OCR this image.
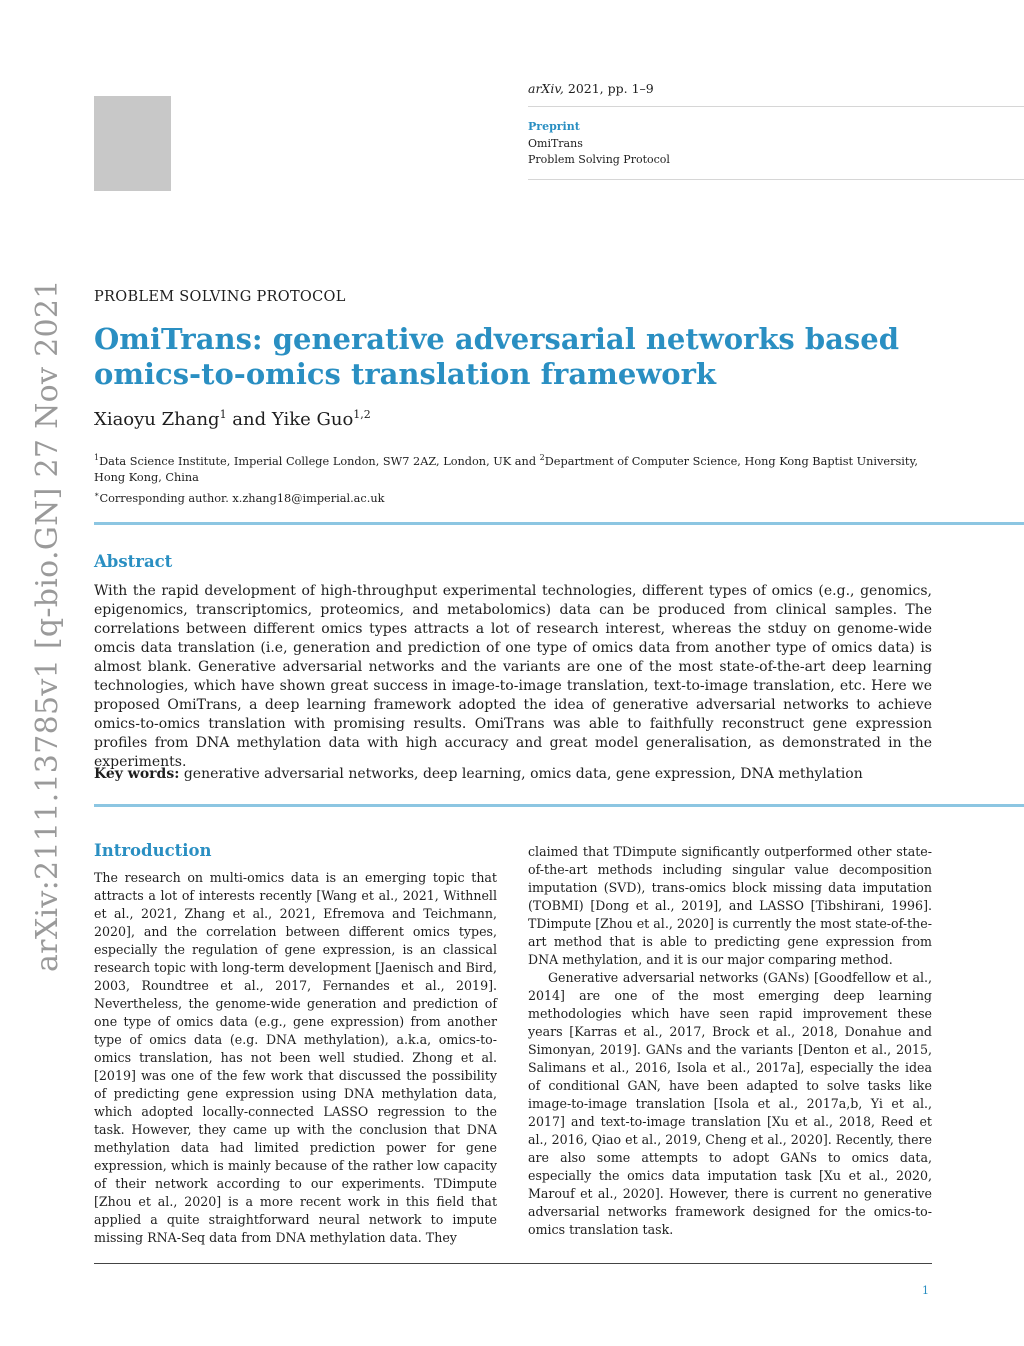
arXiv, 2021, pp. 1–9
Preprint
OmiTrans
Problem Solving Protocol
arXiv:2111.13785v1 [q-bio.GN] 27 Nov 2021 PROBLEM SOLVING PROTOCOL
OmiTrans: generative adversarial networks based omics-to-omics translation framework
Xiaoyu Zhang$^1$ and Yike Guo$^{1,2}$
$^1$Data Science Institute, Imperial College London, SW7 2AZ, London, UK and $^2$Department of Computer Science, Hong Kong Baptist University, Hong Kong, China
∗Corresponding author. x.zhang18@imperial.ac.uk
Abstract
With the rapid development of high-throughput experimental technologies, different types of omics (e.g., genomics, epigenomics, transcriptomics, proteomics, and metabolomics) data can be produced from clinical samples. The correlations between different omics types attracts a lot of research interest, whereas the stduy on genome-wide omcis data translation (i.e, generation and prediction of one type of omics data from another type of omics data) is almost blank. Generative adversarial networks and the variants are one of the most state-of-the-art deep learning technologies, which have shown great success in image-to-image translation, text-to-image translation, etc. Here we proposed OmiTrans, a deep learning framework adopted the idea of generative adversarial networks to achieve omics-to-omics translation with promising results. OmiTrans was able to faithfully reconstruct gene expression profiles from DNA methylation data with high accuracy and great model generalisation, as demonstrated in the experiments.
Key words: generative adversarial networks, deep learning, omics data, gene expression, DNA methylation
Introduction

The research on multi-omics data is an emerging topic that attracts a lot of interests recently [Wang et al., 2021, Withnell et al., 2021, Zhang et al., 2021, Efremova and Teichmann, 2020], and the correlation between different omics types, especially the regulation of gene expression, is an classical research topic with long-term development [Jaenisch and Bird, 2003, Roundtree et al., 2017, Fernandes et al., 2019]. Nevertheless, the genome-wide generation and prediction of one type of omics data (e.g., gene expression) from another type of omics data (e.g. DNA methylation), a.k.a, omics-to-omics translation, has not been well studied. Zhong et al. [2019] was one of the few work that discussed the possibility of predicting gene expression using DNA methylation data, which adopted locally-connected LASSO regression to the task. However, they came up with the conclusion that DNA methylation data had limited prediction power for gene expression, which is mainly because of the rather low capacity of their network according to our experiments. TDimpute [Zhou et al., 2020] is a more recent work in this field that applied a quite straightforward neural network to impute missing RNA-Seq data from DNA methylation data. They

claimed that TDimpute significantly outperformed other state-of-the-art methods including singular value decomposition imputation (SVD), trans-omics block missing data imputation (TOBMI) [Dong et al., 2019], and LASSO [Tibshirani, 1996]. TDimpute [Zhou et al., 2020] is currently the most state-of-the-art method that is able to predicting gene expression from DNA methylation, and it is our major comparing method.

Generative adversarial networks (GANs) [Goodfellow et al., 2014] are one of the most emerging deep learning methodologies which have seen rapid improvement these years [Karras et al., 2017, Brock et al., 2018, Donahue and Simonyan, 2019]. GANs and the variants [Denton et al., 2015, Salimans et al., 2016, Isola et al., 2017a], especially the idea of conditional GAN, have been adapted to solve tasks like image-to-image translation [Isola et al., 2017a,b, Yi et al., 2017] and text-to-image translation [Xu et al., 2018, Reed et al., 2016, Qiao et al., 2019, Cheng et al., 2020]. Recently, there are also some attempts to adopt GANs to omics data, especially the omics data imputation task [Xu et al., 2020, Marouf et al., 2020]. However, there is current no generative adversarial networks framework designed for the omics-to-omics translation task.

1
